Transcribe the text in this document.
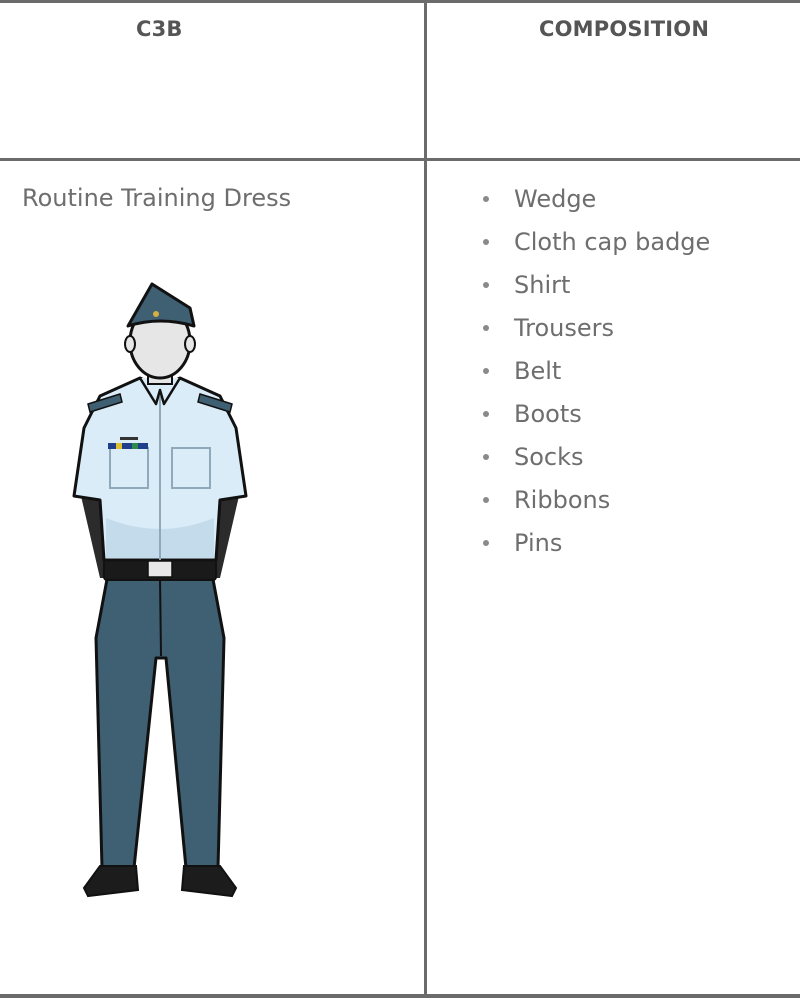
C3B	COMPOSITION
Routine Training Dress	Wedge
Cloth cap badge
Shirt
Trousers
Belt
Boots
Socks
Ribbons
Pins
